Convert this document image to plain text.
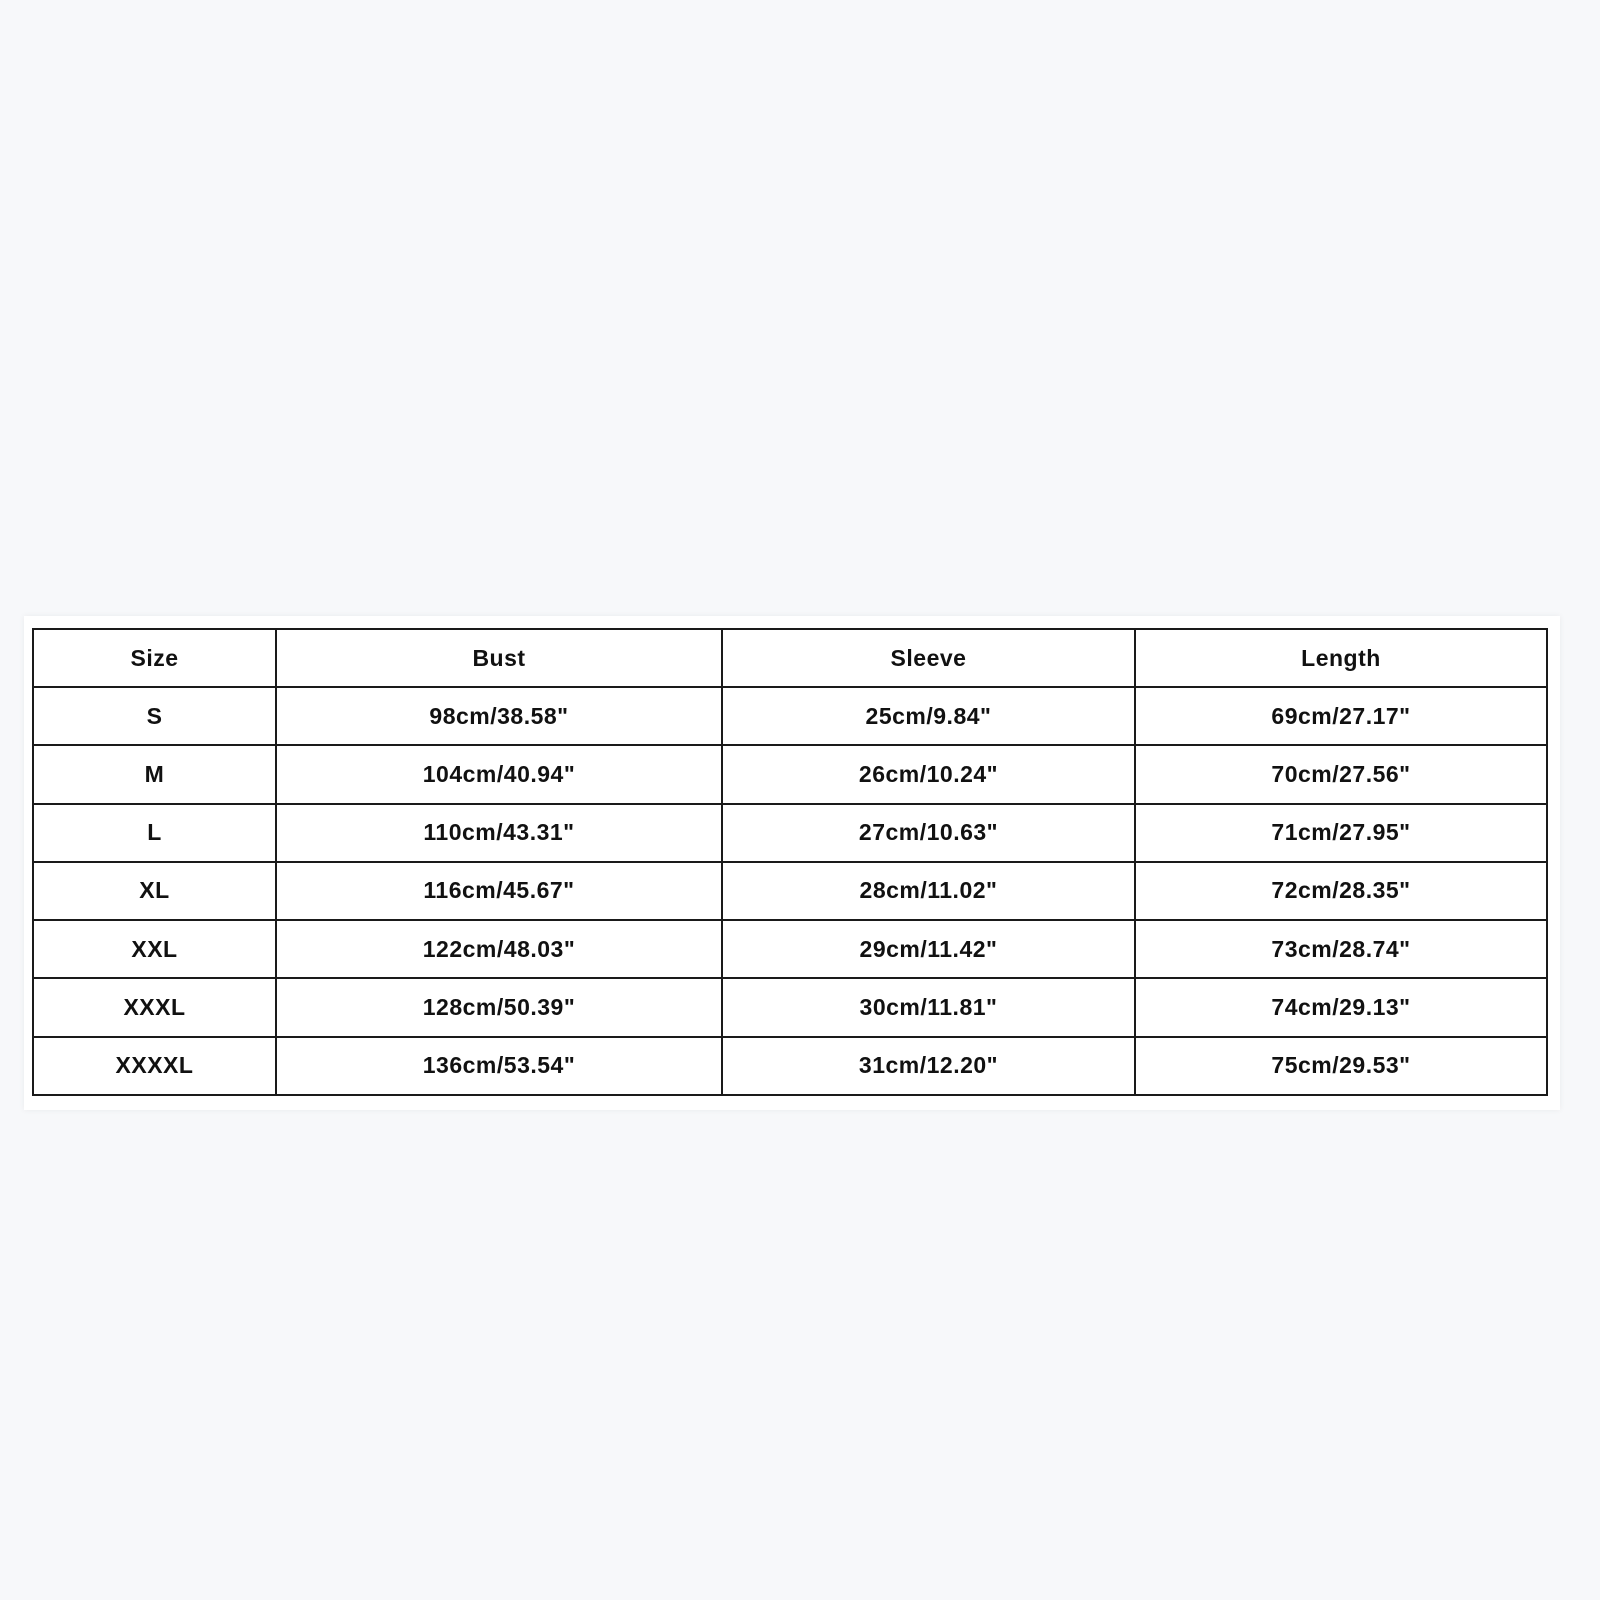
Size	Bust	Sleeve	Length
S	98cm/38.58"	25cm/9.84"	69cm/27.17"
M	104cm/40.94"	26cm/10.24"	70cm/27.56"
L	110cm/43.31"	27cm/10.63"	71cm/27.95"
XL	116cm/45.67"	28cm/11.02"	72cm/28.35"
XXL	122cm/48.03"	29cm/11.42"	73cm/28.74"
XXXL	128cm/50.39"	30cm/11.81"	74cm/29.13"
XXXXL	136cm/53.54"	31cm/12.20"	75cm/29.53"
